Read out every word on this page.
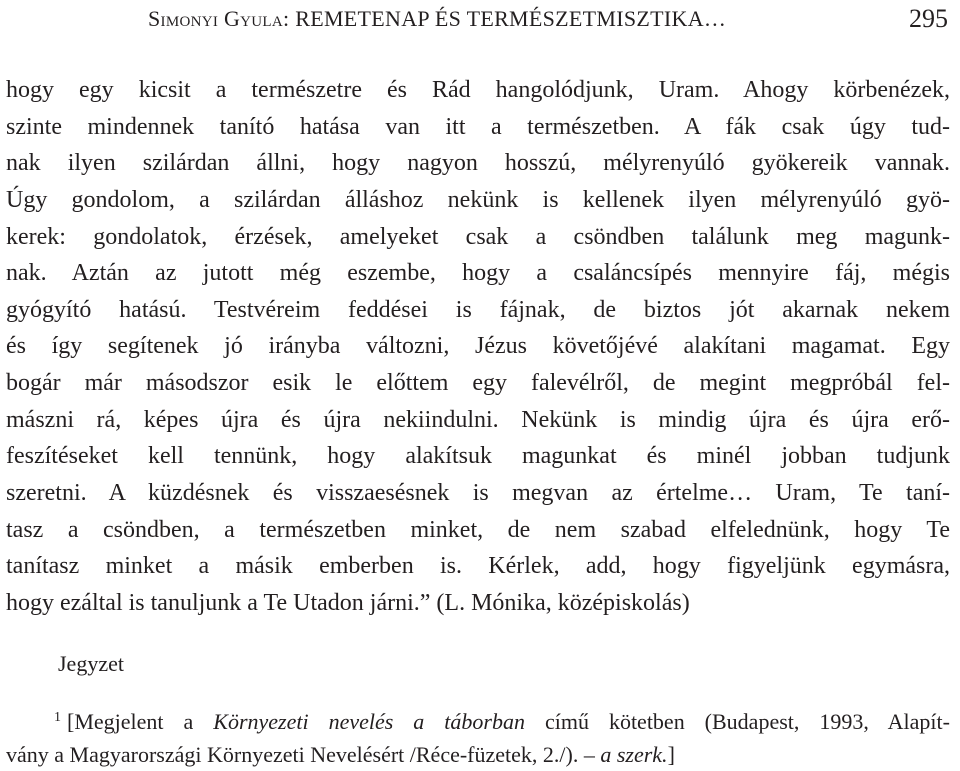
Simonyi Gyula: REMETENAP ÉS TERMÉSZETMISZTIKA…	295
hogy egy kicsit a természetre és Rád hangolódjunk, Uram. Ahogy körbenézek,
szinte mindennek tanító hatása van itt a természetben. A fák csak úgy tud-
nak ilyen szilárdan állni, hogy nagyon hosszú, mélyrenyúló gyökereik vannak.
Úgy gondolom, a szilárdan álláshoz nekünk is kellenek ilyen mélyrenyúló gyö-
kerek: gondolatok, érzések, amelyeket csak a csöndben találunk meg magunk-
nak. Aztán az jutott még eszembe, hogy a csaláncsípés mennyire fáj, mégis
gyógyító hatású. Testvéreim feddései is fájnak, de biztos jót akarnak nekem
és így segítenek jó irányba változni, Jézus követőjévé alakítani magamat. Egy
bogár már másodszor esik le előttem egy falevélről, de megint megpróbál fel-
mászni rá, képes újra és újra nekiindulni. Nekünk is mindig újra és újra erő-
feszítéseket kell tennünk, hogy alakítsuk magunkat és minél jobban tudjunk
szeretni. A küzdésnek és visszaesésnek is megvan az értelme… Uram, Te taní-
tasz a csöndben, a természetben minket, de nem szabad elfelednünk, hogy Te
tanítasz minket a másik emberben is. Kérlek, add, hogy figyeljünk egymásra,
hogy ezáltal is tanuljunk a Te Utadon járni.” (L. Mónika, középiskolás)
Jegyzet
1 [Megjelent a Környezeti nevelés a táborban című kötetben (Budapest, 1993, Alapít-
vány a Magyarországi Környezeti Nevelésért /Réce-füzetek, 2./). – a szerk.]
